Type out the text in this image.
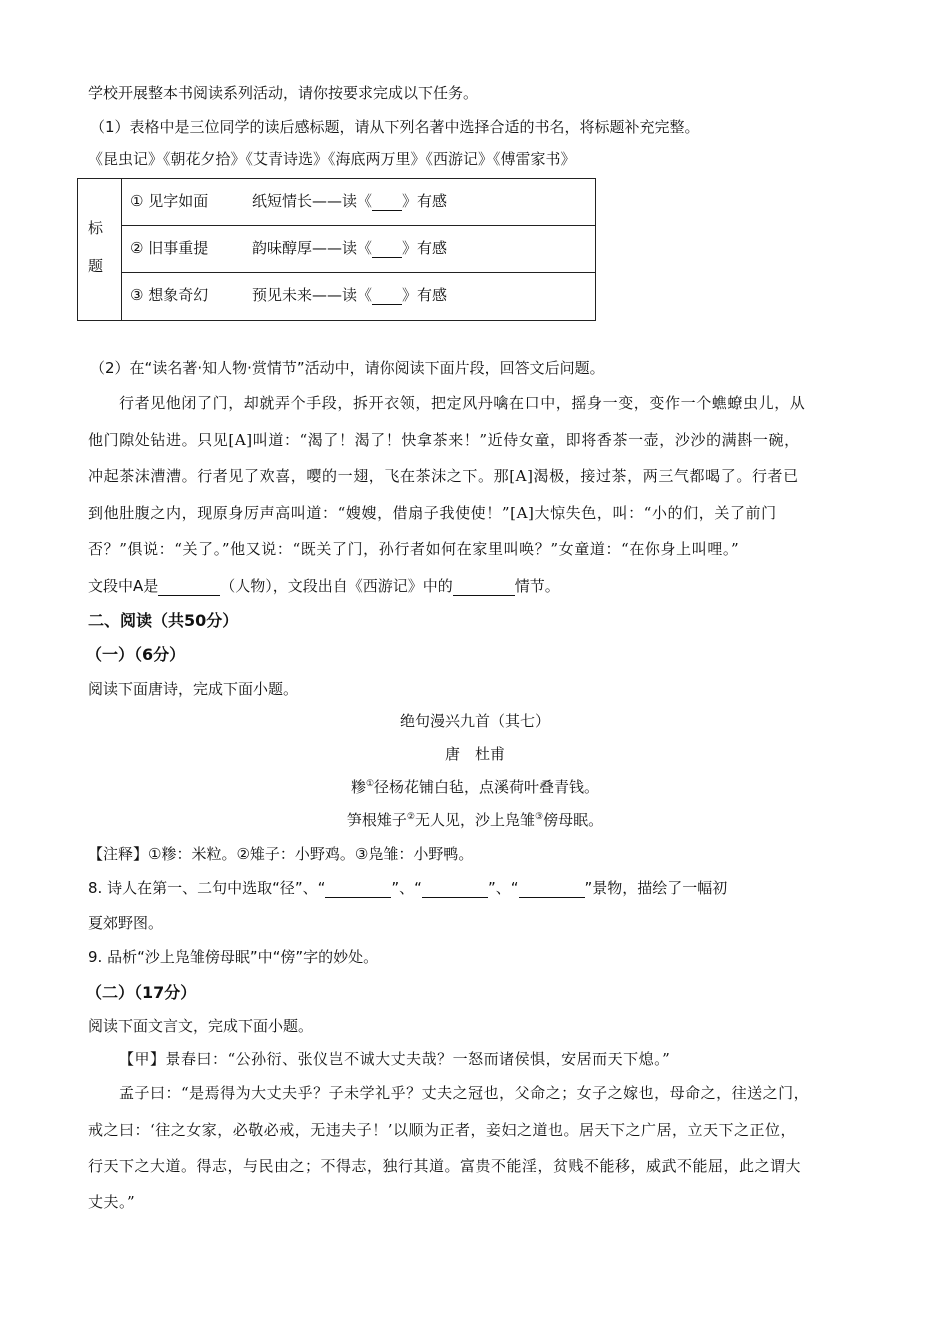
学校开展整本书阅读系列活动，请你按要求完成以下任务。
（1）表格中是三位同学的读后感标题，请从下列名著中选择合适的书名，将标题补充完整。
《昆虫记》《朝花夕拾》《艾青诗选》《海底两万里》《西游记》《傅雷家书》
标
题
① 见字如面	纸短情长——读《 》有感
② 旧事重提	韵味醇厚——读《 》有感
③ 想象奇幻	预见未来——读《 》有感
（2）在“读名著·知人物·赏情节”活动中，请你阅读下面片段，回答文后问题。
行者见他闭了门，却就弄个手段，拆开衣领，把定风丹噙在口中，摇身一变，变作一个蟭蟟虫儿，从
他门隙处钻进。只见[A]叫道：“渴了！渴了！快拿茶来！”近侍女童，即将香茶一壶，沙沙的满斟一碗，
冲起茶沫漕漕。行者见了欢喜，嘤的一翅，飞在茶沫之下。那[A]渴极，接过茶，两三气都喝了。行者已
到他肚腹之内，现原身厉声高叫道：“嫂嫂，借扇子我使使！”[A]大惊失色，叫：“小的们，关了前门
否？”俱说：“关了。”他又说：“既关了门，孙行者如何在家里叫唤？”女童道：“在你身上叫哩。”
文段中A是	（人物），文段出自《西游记》中的	情节。
二、阅读（共50分）
（一）（6分）
阅读下面唐诗，完成下面小题。
绝句漫兴九首（其七）
唐　杜甫
糁①径杨花铺白毡，点溪荷叶叠青钱。
笋根雉子②无人见，沙上凫雏③傍母眠。
【注释】①糁：米粒。②雉子：小野鸡。③凫雏：小野鸭。
8. 诗人在第一、二句中选取“径”、“	”、“	”、“	”景物，描绘了一幅初
夏郊野图。
9. 品析“沙上凫雏傍母眠”中“傍”字的妙处。
（二）（17分）
阅读下面文言文，完成下面小题。
【甲】景春曰：“公孙衍、张仪岂不诚大丈夫哉？一怒而诸侯惧，安居而天下熄。”
孟子曰：“是焉得为大丈夫乎？子未学礼乎？丈夫之冠也，父命之；女子之嫁也，母命之，往送之门，
戒之曰：‘往之女家，必敬必戒，无违夫子！’以顺为正者，妾妇之道也。居天下之广居，立天下之正位，
行天下之大道。得志，与民由之；不得志，独行其道。富贵不能淫，贫贱不能移，威武不能屈，此之谓大
丈夫。”
